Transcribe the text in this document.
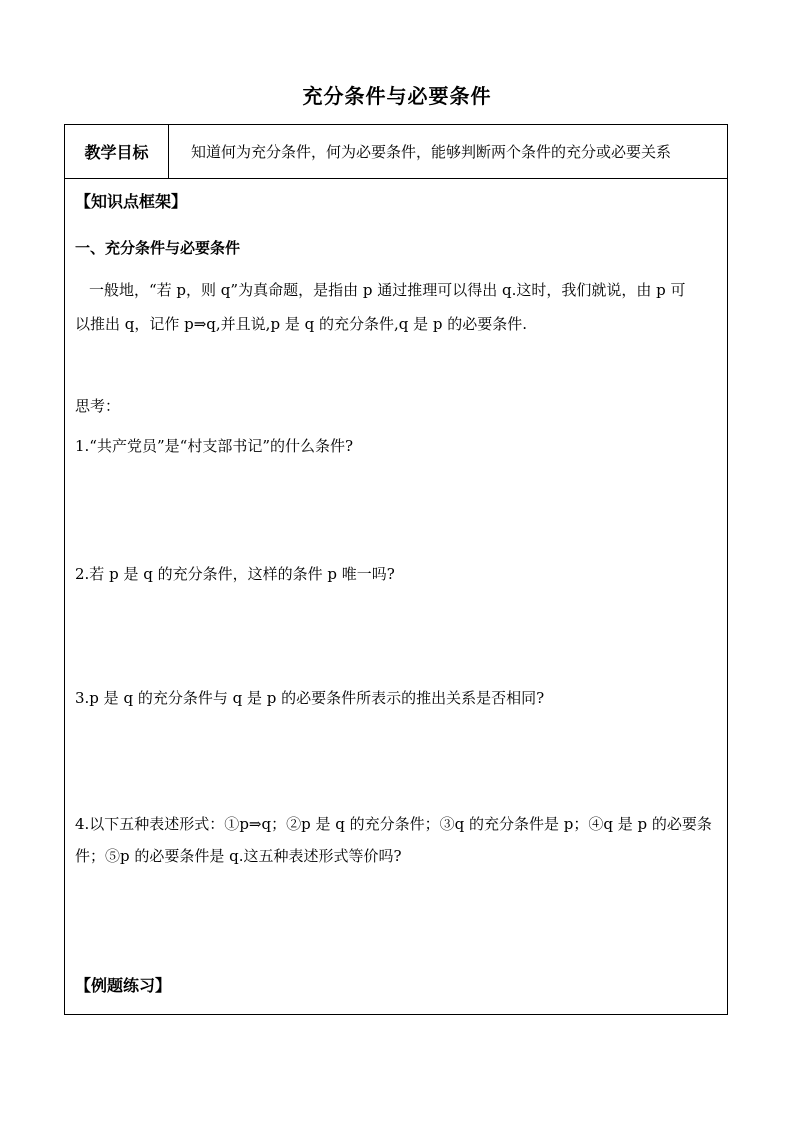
充分条件与必要条件
教学目标	知道何为充分条件，何为必要条件，能够判断两个条件的充分或必要关系
【知识点框架】
一、充分条件与必要条件
一般地，“若 p，则 q”为真命题，是指由 p 通过推理可以得出 q.这时，我们就说，由 p 可
以推出 q，记作 p⇒q,并且说,p 是 q 的充分条件,q 是 p 的必要条件.
思考：
1.“共产党员”是“村支部书记”的什么条件?
2.若 p 是 q 的充分条件，这样的条件 p 唯一吗?
3.p 是 q 的充分条件与 q 是 p 的必要条件所表示的推出关系是否相同?
4.以下五种表述形式：①p⇒q；②p 是 q 的充分条件；③q 的充分条件是 p；④q 是 p 的必要条
件；⑤p 的必要条件是 q.这五种表述形式等价吗?
【例题练习】
